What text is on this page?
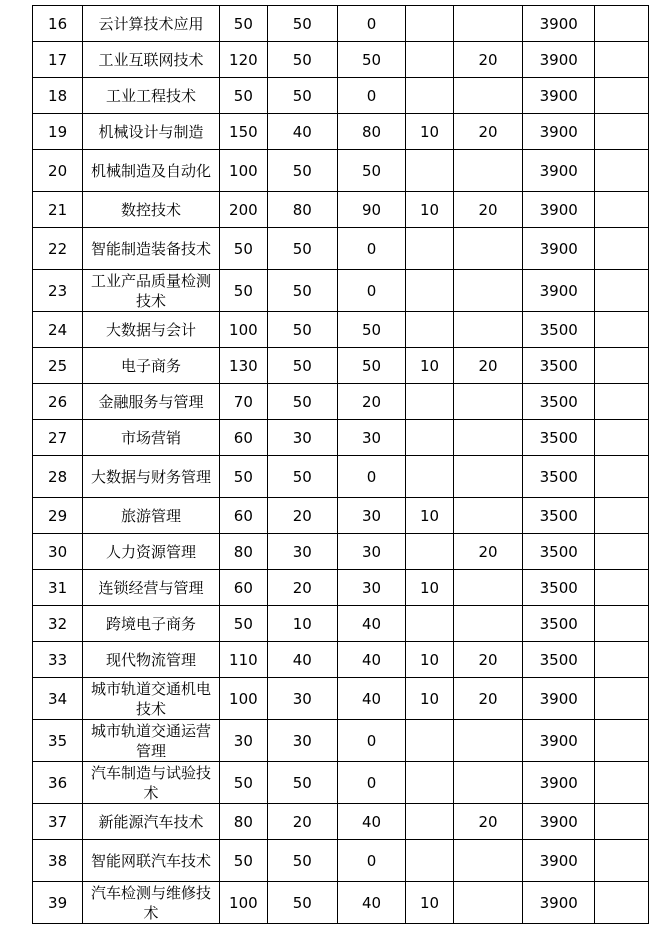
16	云计算技术应用	50	50	0			3900	
17	工业互联网技术	120	50	50		20	3900	
18	工业工程技术	50	50	0			3900	
19	机械设计与制造	150	40	80	10	20	3900	
20	机械制造及自动化	100	50	50			3900	
21	数控技术	200	80	90	10	20	3900	
22	智能制造装备技术	50	50	0			3900	
23	工业产品质量检测技术	50	50	0			3900	
24	大数据与会计	100	50	50			3500	
25	电子商务	130	50	50	10	20	3500	
26	金融服务与管理	70	50	20			3500	
27	市场营销	60	30	30			3500	
28	大数据与财务管理	50	50	0			3500	
29	旅游管理	60	20	30	10		3500	
30	人力资源管理	80	30	30		20	3500	
31	连锁经营与管理	60	20	30	10		3500	
32	跨境电子商务	50	10	40			3500	
33	现代物流管理	110	40	40	10	20	3500	
34	城市轨道交通机电技术	100	30	40	10	20	3900	
35	城市轨道交通运营管理	30	30	0			3900	
36	汽车制造与试验技术	50	50	0			3900	
37	新能源汽车技术	80	20	40		20	3900	
38	智能网联汽车技术	50	50	0			3900	
39	汽车检测与维修技术	100	50	40	10		3900	
